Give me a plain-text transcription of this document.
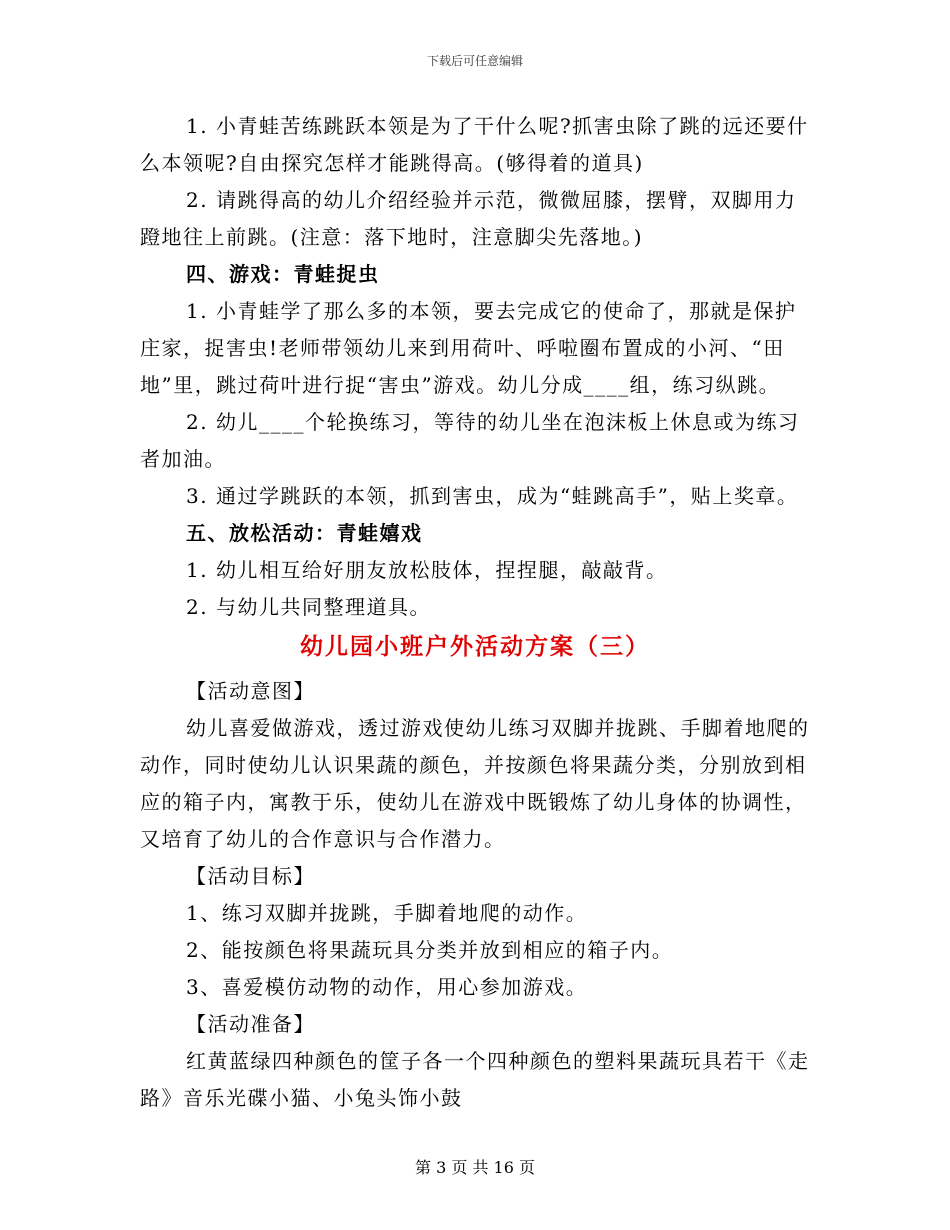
下载后可任意编辑

1. 小青蛙苦练跳跃本领是为了干什么呢?抓害虫除了跳的远还要什么本领呢?自由探究怎样才能跳得高。(够得着的道具)

2. 请跳得高的幼儿介绍经验并示范，微微屈膝，摆臂，双脚用力蹬地往上前跳。(注意：落下地时，注意脚尖先落地。)

四、游戏：青蛙捉虫

1. 小青蛙学了那么多的本领，要去完成它的使命了，那就是保护庄家，捉害虫!老师带领幼儿来到用荷叶、呼啦圈布置成的小河、“田地”里，跳过荷叶进行捉“害虫”游戏。幼儿分成____组，练习纵跳。

2. 幼儿____个轮换练习，等待的幼儿坐在泡沫板上休息或为练习者加油。

3. 通过学跳跃的本领，抓到害虫，成为“蛙跳高手”，贴上奖章。

五、放松活动：青蛙嬉戏

1. 幼儿相互给好朋友放松肢体，捏捏腿，敲敲背。

2. 与幼儿共同整理道具。

幼儿园小班户外活动方案（三）

【活动意图】

幼儿喜爱做游戏，透过游戏使幼儿练习双脚并拢跳、手脚着地爬的动作，同时使幼儿认识果蔬的颜色，并按颜色将果蔬分类，分别放到相应的箱子内，寓教于乐，使幼儿在游戏中既锻炼了幼儿身体的协调性，又培育了幼儿的合作意识与合作潜力。

【活动目标】

1、练习双脚并拢跳，手脚着地爬的动作。

2、能按颜色将果蔬玩具分类并放到相应的箱子内。

3、喜爱模仿动物的动作，用心参加游戏。

【活动准备】

红黄蓝绿四种颜色的筐子各一个四种颜色的塑料果蔬玩具若干《走路》音乐光碟小猫、小兔头饰小鼓

第 3 页 共 16 页
